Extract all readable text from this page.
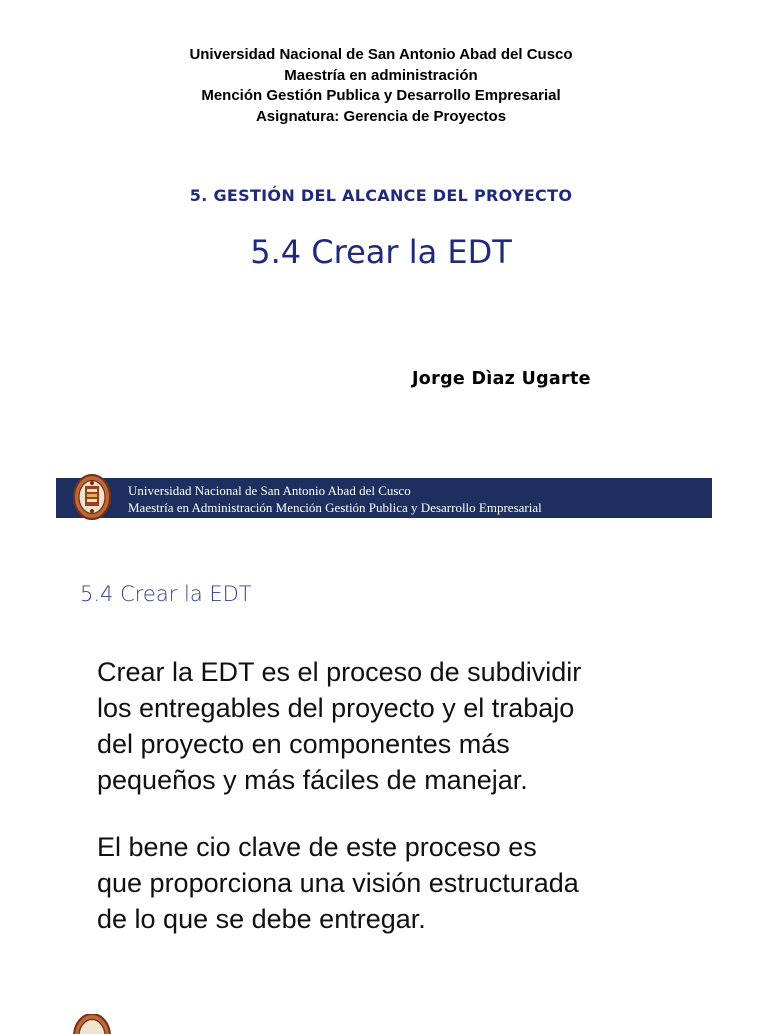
Universidad Nacional de San Antonio Abad del Cusco
Maestría en administración
Mención Gestión Publica y Desarrollo Empresarial
Asignatura: Gerencia de Proyectos
5. GESTIÓN DEL ALCANCE DEL PROYECTO
5.4 Crear la EDT
Jorge Dìaz Ugarte
Universidad Nacional de San Antonio Abad del Cusco
Maestría en Administración Mención Gestión Publica y Desarrollo Empresarial
5.4 Crear la EDT
Crear la EDT es el proceso de subdividir
los entregables del proyecto y el trabajo
del proyecto en componentes más
pequeños y más fáciles de manejar.
El bene cio clave de este proceso es
que proporciona una visión estructurada
de lo que se debe entregar.
